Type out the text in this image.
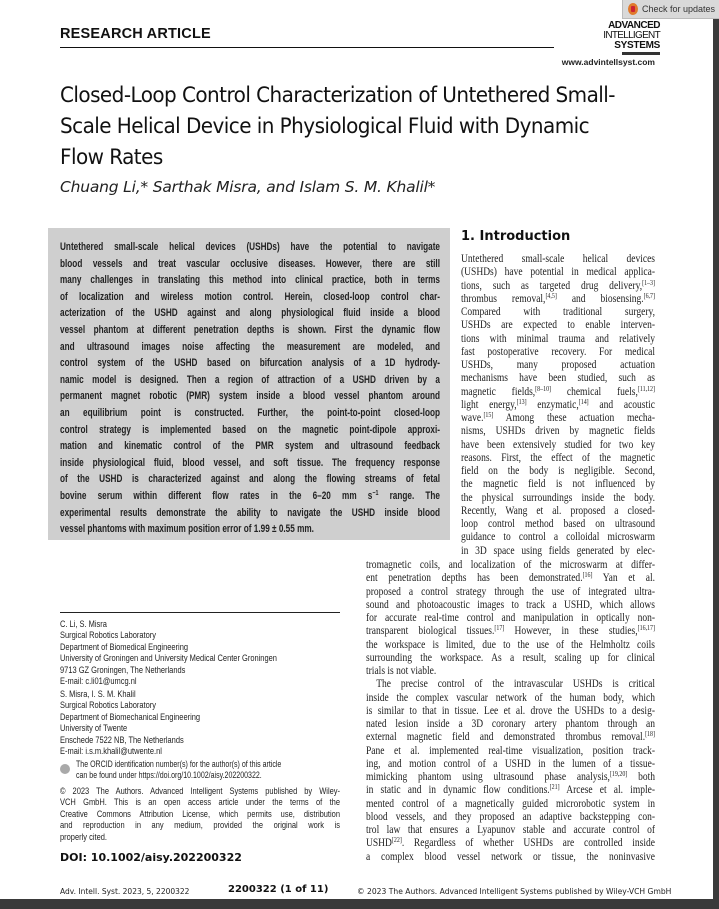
RESEARCH ARTICLE
ADVANCED
INTELLIGENT
SYSTEMS
www.advintellsyst.com
Closed-Loop Control Characterization of Untethered Small-Scale Helical Device in Physiological Fluid with Dynamic Flow Rates
Chuang Li,* Sarthak Misra, and Islam S. M. Khalil*
Untethered small-scale helical devices (USHDs) have the potential to navigate
blood vessels and treat vascular occlusive diseases. However, there are still
many challenges in translating this method into clinical practice, both in terms
of localization and wireless motion control. Herein, closed-loop control char-
acterization of the USHD against and along physiological fluid inside a blood
vessel phantom at different penetration depths is shown. First the dynamic flow
and ultrasound images noise affecting the measurement are modeled, and
control system of the USHD based on bifurcation analysis of a 1D hydrody-
namic model is designed. Then a region of attraction of a USHD driven by a
permanent magnet robotic (PMR) system inside a blood vessel phantom around
an equilibrium point is constructed. Further, the point-to-point closed-loop
control strategy is implemented based on the magnetic point-dipole approxi-
mation and kinematic control of the PMR system and ultrasound feedback
inside physiological fluid, blood vessel, and soft tissue. The frequency response
of the USHD is characterized against and along the flowing streams of fetal
bovine serum within different flow rates in the 6–20 mm $s^{-1}$ range. The
experimental results demonstrate the ability to navigate the USHD inside blood
vessel phantoms with maximum position error of 1.99 ± 0.55 mm.
1. Introduction
Untethered small-scale helical devices
(USHDs) have potential in medical applica-
tions, such as targeted drug delivery,[1–3]
thrombus removal,[4,5] and biosensing.[6,7]
Compared with traditional surgery,
USHDs are expected to enable interven-
tions with minimal trauma and relatively
fast postoperative recovery. For medical
USHDs, many proposed actuation
mechanisms have been studied, such as
magnetic fields,[8–10] chemical fuels,[11,12]
light energy,[13] enzymatic,[14] and acoustic
wave.[15] Among these actuation mecha-
nisms, USHDs driven by magnetic fields
have been extensively studied for two key
reasons. First, the effect of the magnetic
field on the body is negligible. Second,
the magnetic field is not influenced by
the physical surroundings inside the body.
Recently, Wang et al. proposed a closed-
loop control method based on ultrasound
guidance to control a colloidal microswarm
in 3D space using fields generated by elec-
tromagnetic coils, and localization of the microswarm at differ-
ent penetration depths has been demonstrated.[16] Yan et al.
proposed a control strategy through the use of integrated ultra-
sound and photoacoustic images to track a USHD, which allows
for accurate real-time control and manipulation in optically non-
transparent biological tissues.[17] However, in these studies,[16,17]
the workspace is limited, due to the use of the Helmholtz coils
surrounding the workspace. As a result, scaling up for clinical
trials is not viable.
The precise control of the intravascular USHDs is critical
inside the complex vascular network of the human body, which
is similar to that in tissue. Lee et al. drove the USHDs to a desig-
nated lesion inside a 3D coronary artery phantom through an
external magnetic field and demonstrated thrombus removal.[18]
Pane et al. implemented real-time visualization, position track-
ing, and motion control of a USHD in the lumen of a tissue-
mimicking phantom using ultrasound phase analysis,[19,20] both
in static and in dynamic flow conditions.[21] Arcese et al. imple-
mented control of a magnetically guided microrobotic system in
blood vessels, and they proposed an adaptive backstepping con-
trol law that ensures a Lyapunov stable and accurate control of
USHD[22]. Regardless of whether USHDs are controlled inside
a complex blood vessel network or tissue, the noninvasive
C. Li, S. Misra
Surgical Robotics Laboratory
Department of Biomedical Engineering
University of Groningen and University Medical Center Groningen
9713 GZ Groningen, The Netherlands
E-mail: c.li01@umcg.nl
S. Misra, I. S. M. Khalil
Surgical Robotics Laboratory
Department of Biomechanical Engineering
University of Twente
Enschede 7522 NB, The Netherlands
E-mail: i.s.m.khalil@utwente.nl
The ORCID identification number(s) for the author(s) of this article
can be found under https://doi.org/10.1002/aisy.202200322.
© 2023 The Authors. Advanced Intelligent Systems published by Wiley-
VCH GmbH. This is an open access article under the terms of the
Creative Commons Attribution License, which permits use, distribution
and reproduction in any medium, provided the original work is
properly cited.
DOI: 10.1002/aisy.202200322
Adv. Intell. Syst. 2023, 5, 2200322	2200322 (1 of 11)	© 2023 The Authors. Advanced Intelligent Systems published by Wiley-VCH GmbH
Check for updates
